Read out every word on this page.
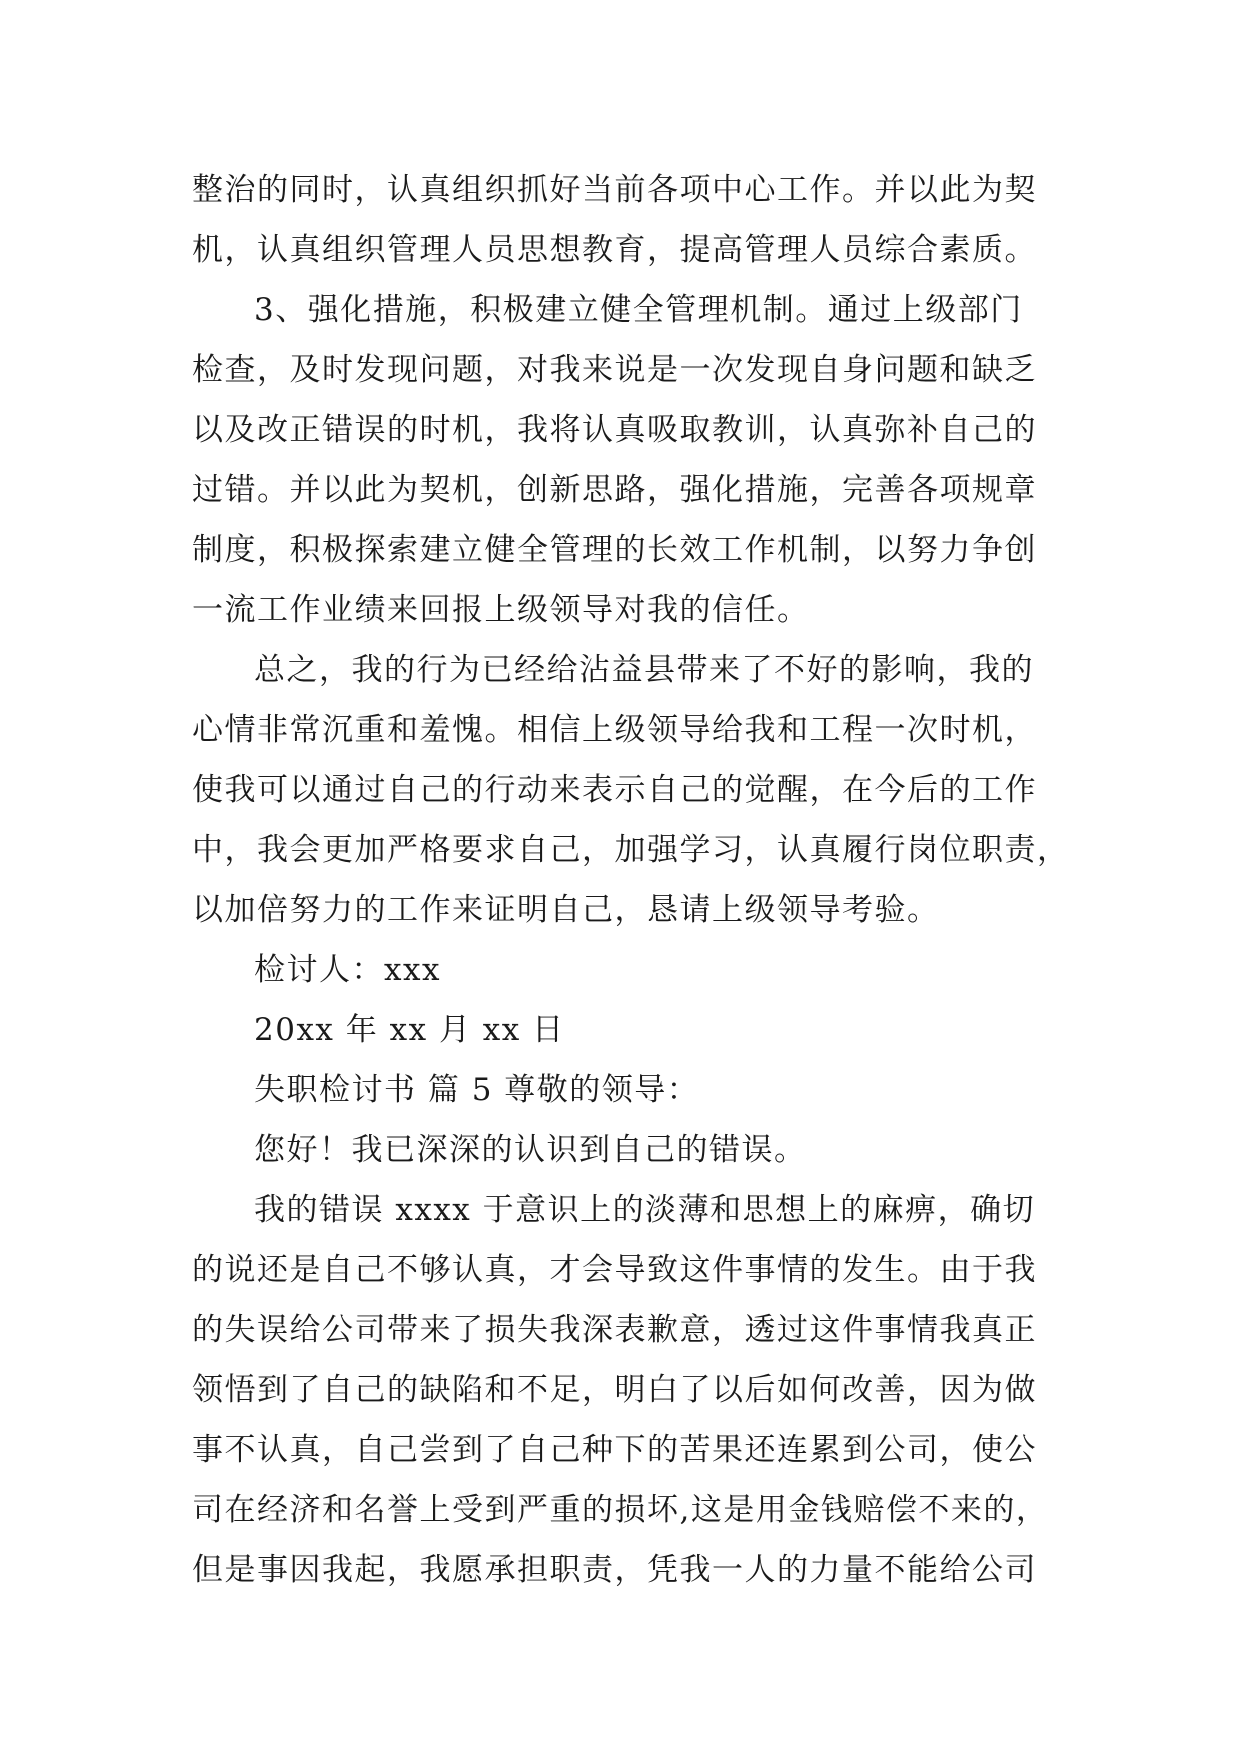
整治的同时，认真组织抓好当前各项中心工作。并以此为契
机，认真组织管理人员思想教育，提高管理人员综合素质。
3、强化措施，积极建立健全管理机制。通过上级部门
检查，及时发现问题，对我来说是一次发现自身问题和缺乏
以及改正错误的时机，我将认真吸取教训，认真弥补自己的
过错。并以此为契机，创新思路，强化措施，完善各项规章
制度，积极探索建立健全管理的长效工作机制，以努力争创
一流工作业绩来回报上级领导对我的信任。
总之，我的行为已经给沾益县带来了不好的影响，我的
心情非常沉重和羞愧。相信上级领导给我和工程一次时机，
使我可以通过自己的行动来表示自己的觉醒，在今后的工作
中，我会更加严格要求自己，加强学习，认真履行岗位职责，
以加倍努力的工作来证明自己，恳请上级领导考验。
检讨人：xxx
20xx 年 xx 月 xx 日
失职检讨书 篇 5 尊敬的领导：
您好！我已深深的认识到自己的错误。
我的错误 xxxx 于意识上的淡薄和思想上的麻痹，确切
的说还是自己不够认真，才会导致这件事情的发生。由于我
的失误给公司带来了损失我深表歉意，透过这件事情我真正
领悟到了自己的缺陷和不足，明白了以后如何改善，因为做
事不认真，自己尝到了自己种下的苦果还连累到公司，使公
司在经济和名誉上受到严重的损坏,这是用金钱赔偿不来的，
但是事因我起，我愿承担职责，凭我一人的力量不能给公司
